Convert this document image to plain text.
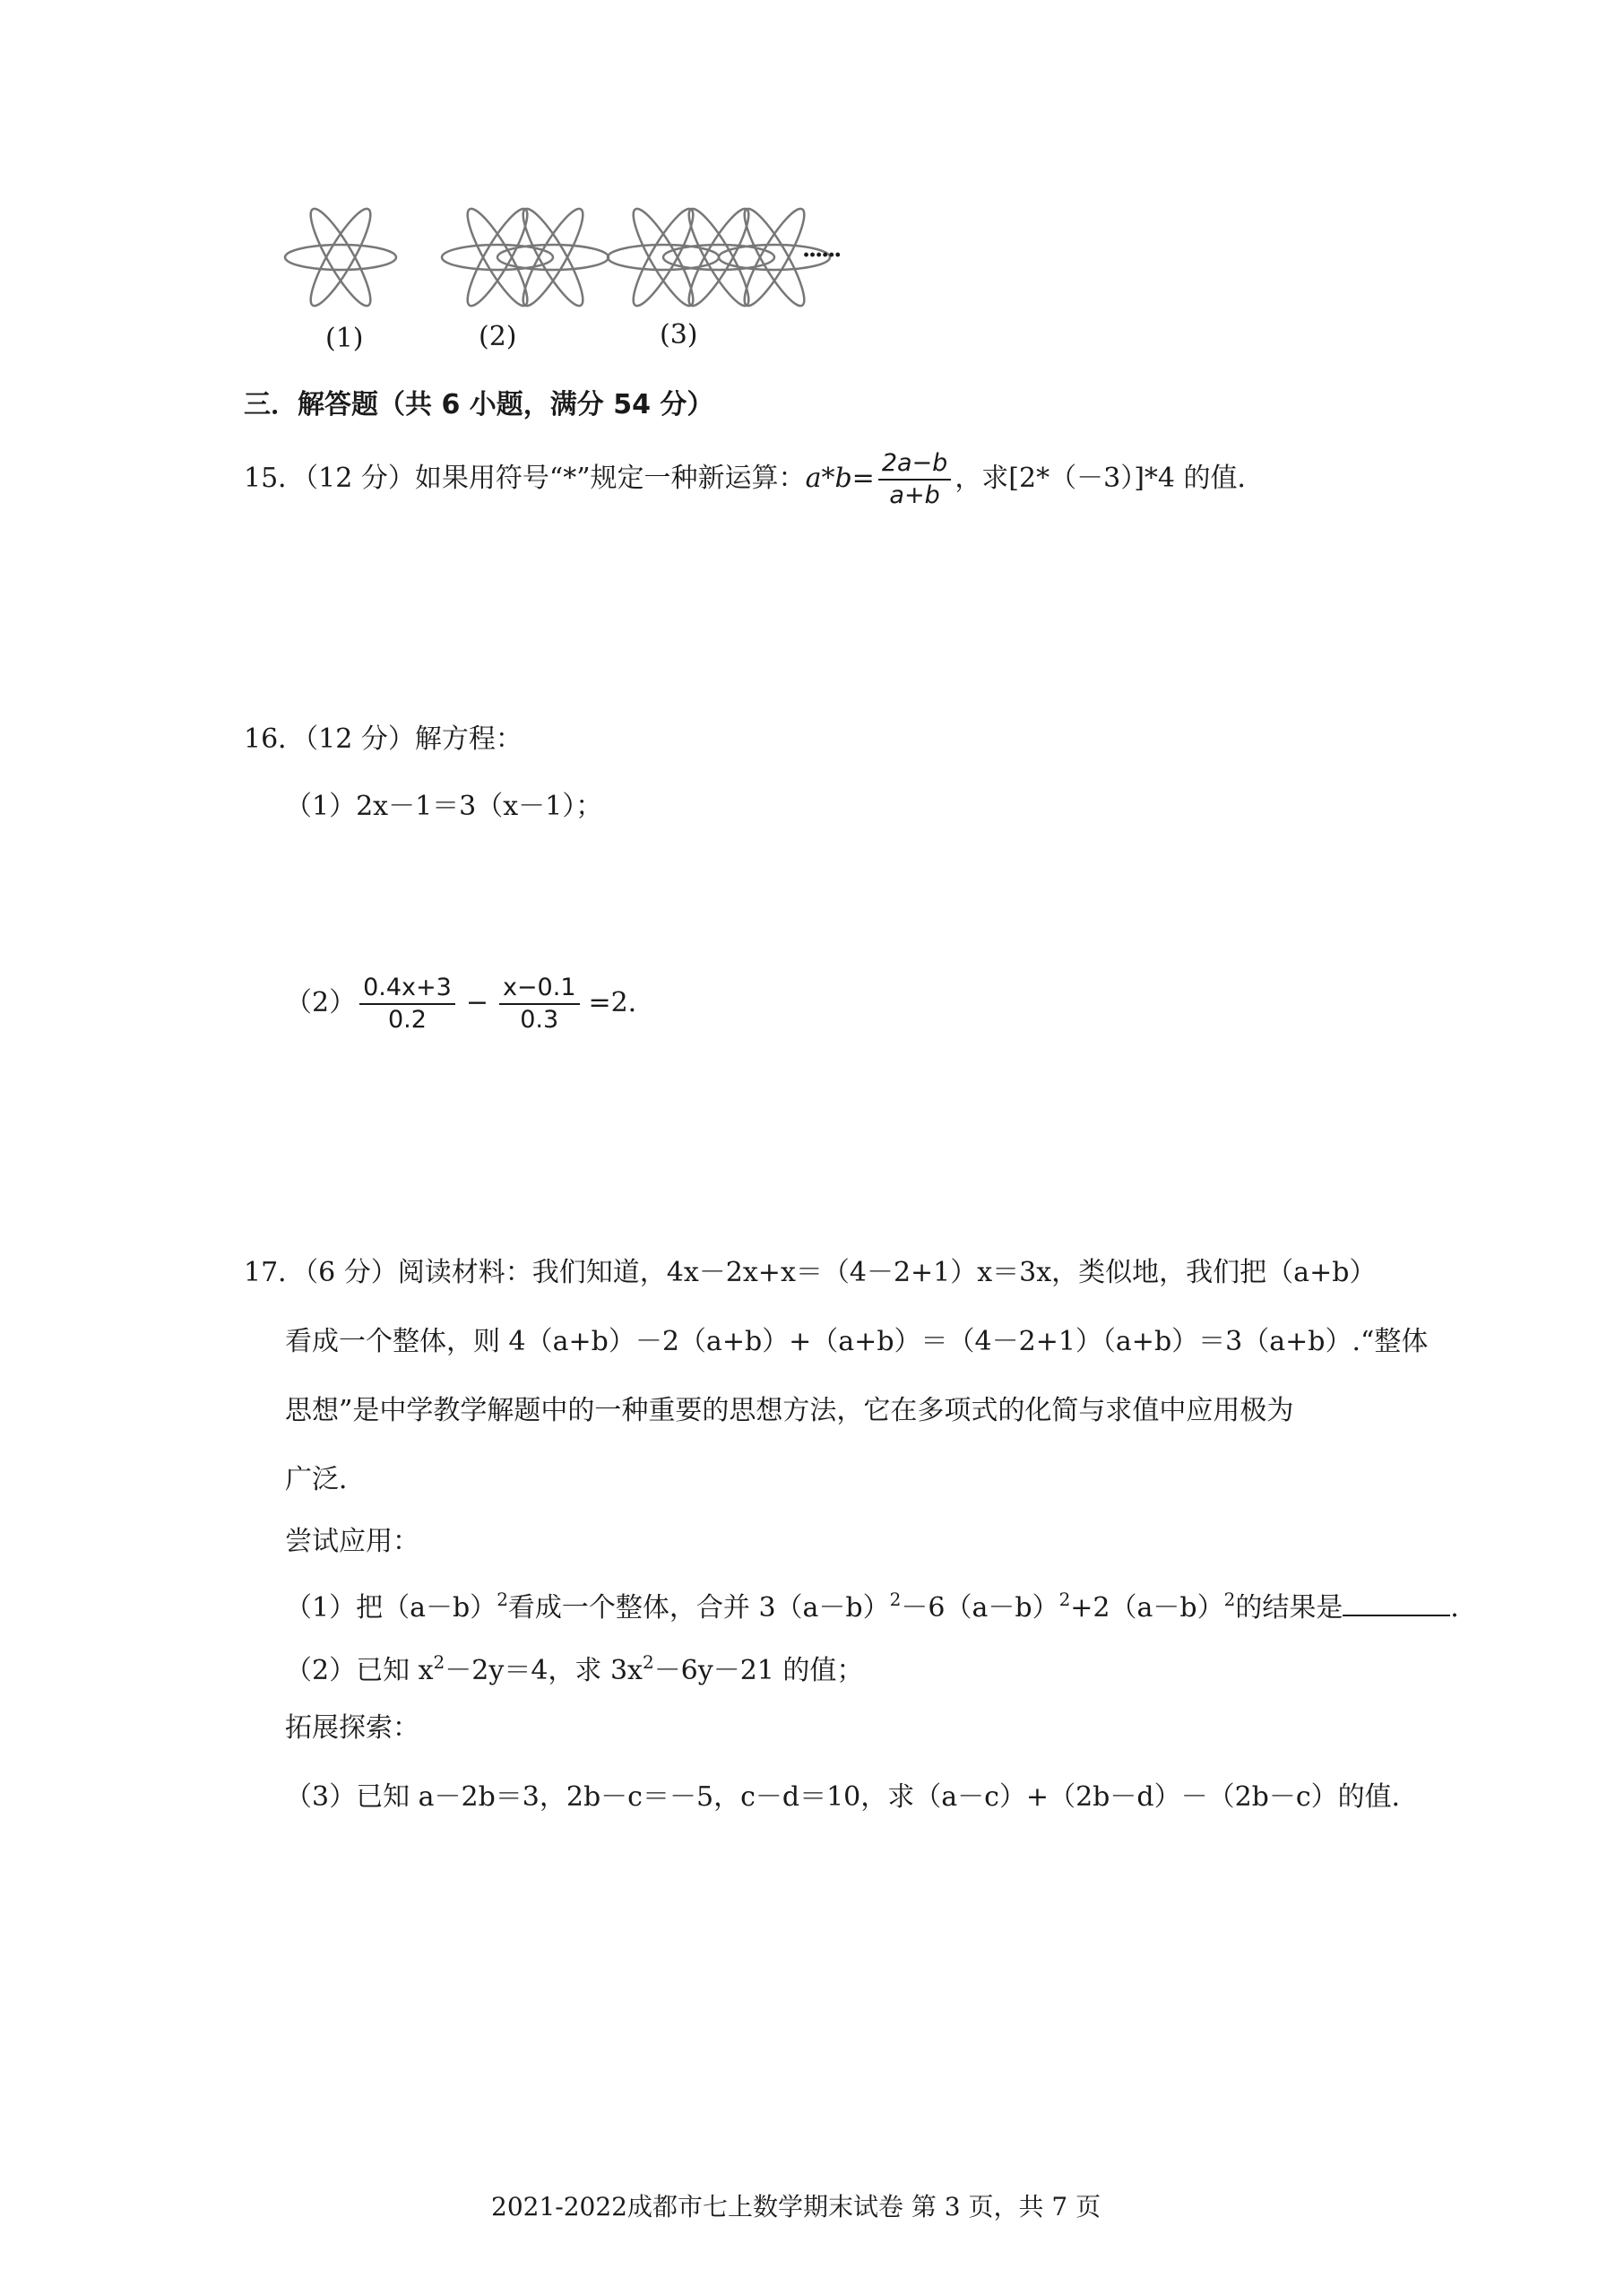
······
(1)	(2)	(3)
三．解答题（共 6 小题，满分 54 分）
15．（12 分）如果用符号“*”规定一种新运算：$a*b= \frac{2a-b}{a+b}$ ，求[2*（－3）]*4 的值．
16．（12 分）解方程：
（1）2x－1＝3（x－1）；
$(2) \frac{0.4x+3}{0.2} - \frac{x-0.1}{0.3} =2$．
17．（6 分）阅读材料：我们知道，4x－2x+x＝（4－2+1）x＝3x，类似地，我们把（a+b）
看成一个整体，则 4（a+b）－2（a+b）+（a+b）＝（4－2+1）（a+b）＝3（a+b）.“整体
思想”是中学教学解题中的一种重要的思想方法，它在多项式的化简与求值中应用极为
广泛．
尝试应用：
（1）把$(a-b)^2$看成一个整体，合并 $3(a-b)^2-6(a-b)^2+2(a-b)^2$的结果是	．
（2）已知 $x^2-2y=4$，求 $3x^2-6y-21$ 的值；
拓展探索：
（3）已知 a－2b＝3，2b－c＝－5，c－d＝10，求（a－c）+（2b－d）－（2b－c）的值．
2021-2022成都市七上数学期末试卷 第 3 页，共 7 页
